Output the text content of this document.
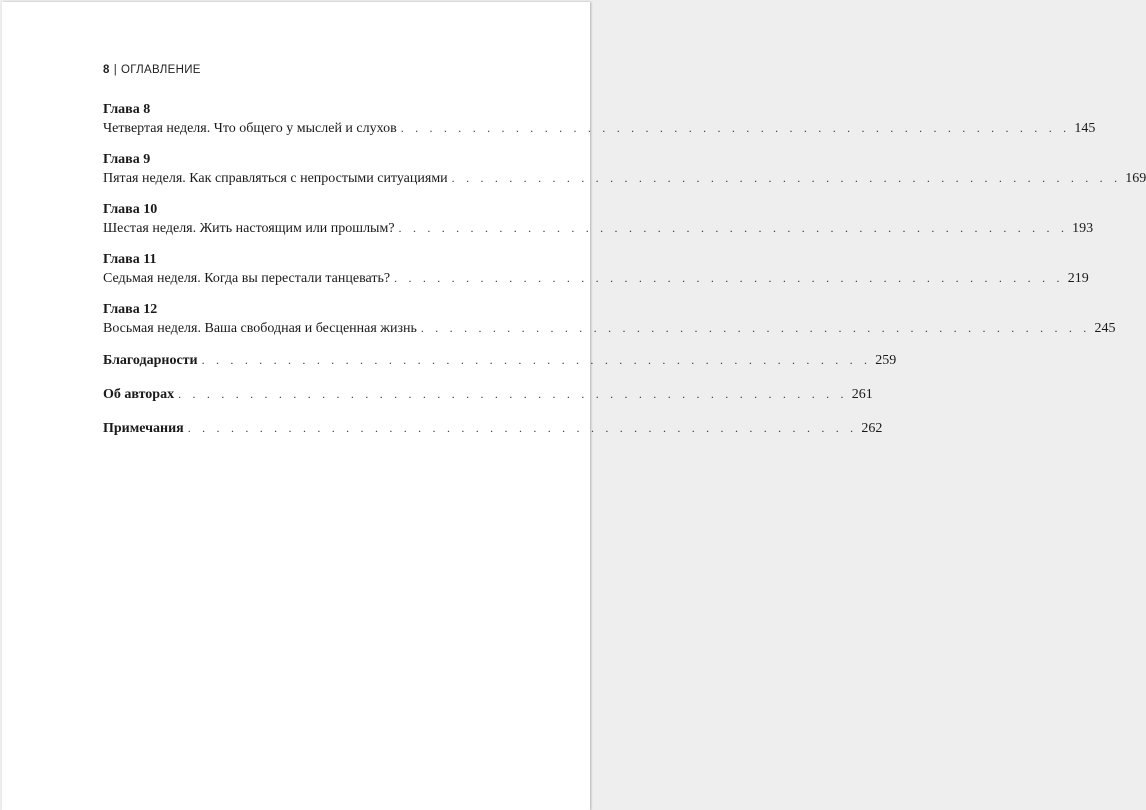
8 | ОГЛАВЛЕНИЕ
Глава 8
Четвертая неделя. Что общего у мыслей и слухов . . . . . . . . . . . . . . . . . . . . . . . . . . . . . . . . . . . . . . . . . . . . . . . 145
Глава 9
Пятая неделя. Как справляться с непростыми ситуациями . . . . . . . . . . . . . . . . . . . . . . . . . . . . . . . . . . . . . . . . . . . . . . . 169
Глава 10
Шестая неделя. Жить настоящим или прошлым? . . . . . . . . . . . . . . . . . . . . . . . . . . . . . . . . . . . . . . . . . . . . . . . 193
Глава 11
Седьмая неделя. Когда вы перестали танцевать? . . . . . . . . . . . . . . . . . . . . . . . . . . . . . . . . . . . . . . . . . . . . . . . 219
Глава 12
Восьмая неделя. Ваша свободная и бесценная жизнь . . . . . . . . . . . . . . . . . . . . . . . . . . . . . . . . . . . . . . . . . . . . . . . 245
Благодарности . . . . . . . . . . . . . . . . . . . . . . . . . . . . . . . . . . . . . . . . . . . . . . . 259
Об авторах . . . . . . . . . . . . . . . . . . . . . . . . . . . . . . . . . . . . . . . . . . . . . . . 261
Примечания . . . . . . . . . . . . . . . . . . . . . . . . . . . . . . . . . . . . . . . . . . . . . . . 262
